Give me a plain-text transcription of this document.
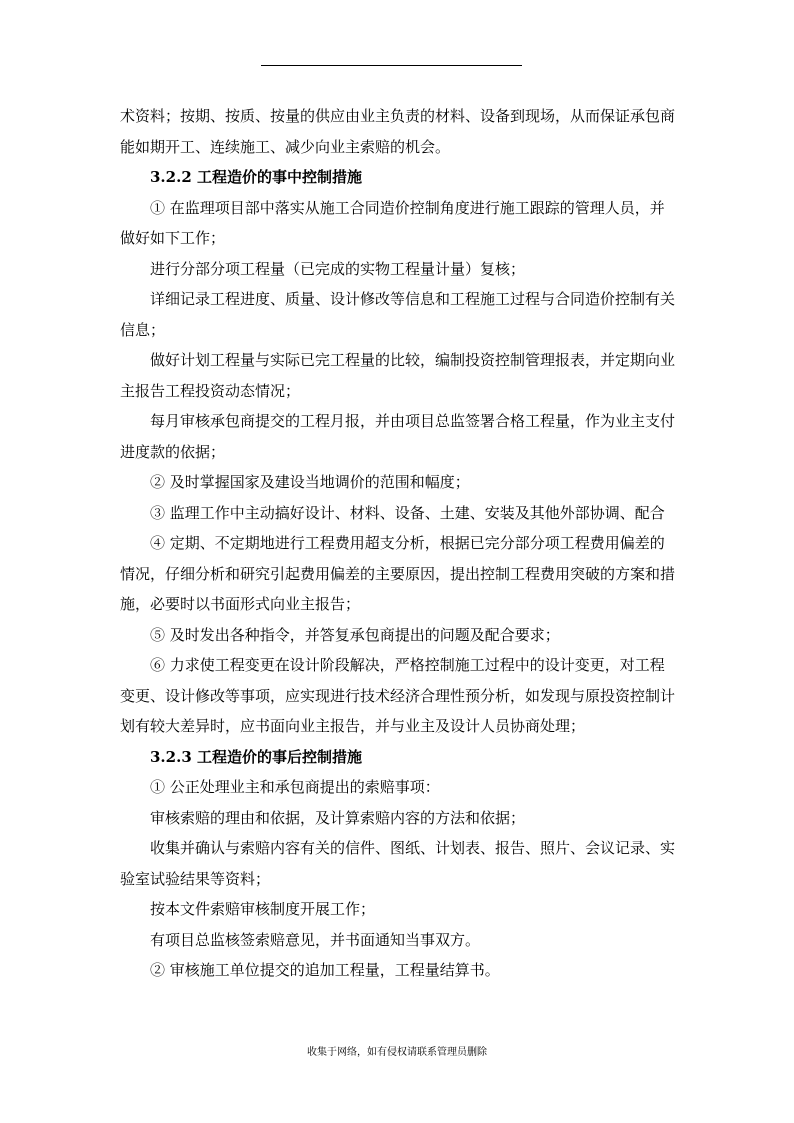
术资料；按期、按质、按量的供应由业主负责的材料、设备到现场，从而保证承包商能如期开工、连续施工、减少向业主索赔的机会。

3.2.2 工程造价的事中控制措施

① 在监理项目部中落实从施工合同造价控制角度进行施工跟踪的管理人员，并做好如下工作；

进行分部分项工程量（已完成的实物工程量计量）复核；

详细记录工程进度、质量、设计修改等信息和工程施工过程与合同造价控制有关信息；

做好计划工程量与实际已完工程量的比较，编制投资控制管理报表，并定期向业主报告工程投资动态情况；

每月审核承包商提交的工程月报，并由项目总监签署合格工程量，作为业主支付进度款的依据；

② 及时掌握国家及建设当地调价的范围和幅度；

③ 监理工作中主动搞好设计、材料、设备、土建、安装及其他外部协调、配合

④ 定期、不定期地进行工程费用超支分析，根据已完分部分项工程费用偏差的情况，仔细分析和研究引起费用偏差的主要原因，提出控制工程费用突破的方案和措施，必要时以书面形式向业主报告；

⑤ 及时发出各种指令，并答复承包商提出的问题及配合要求；

⑥ 力求使工程变更在设计阶段解决，严格控制施工过程中的设计变更，对工程变更、设计修改等事项，应实现进行技术经济合理性预分析，如发现与原投资控制计划有较大差异时，应书面向业主报告，并与业主及设计人员协商处理；

3.2.3 工程造价的事后控制措施

① 公正处理业主和承包商提出的索赔事项：

审核索赔的理由和依据，及计算索赔内容的方法和依据；

收集并确认与索赔内容有关的信件、图纸、计划表、报告、照片、会议记录、实验室试验结果等资料；

按本文件索赔审核制度开展工作；

有项目总监核签索赔意见，并书面通知当事双方。

② 审核施工单位提交的追加工程量，工程量结算书。

收集于网络，如有侵权请联系管理员删除
